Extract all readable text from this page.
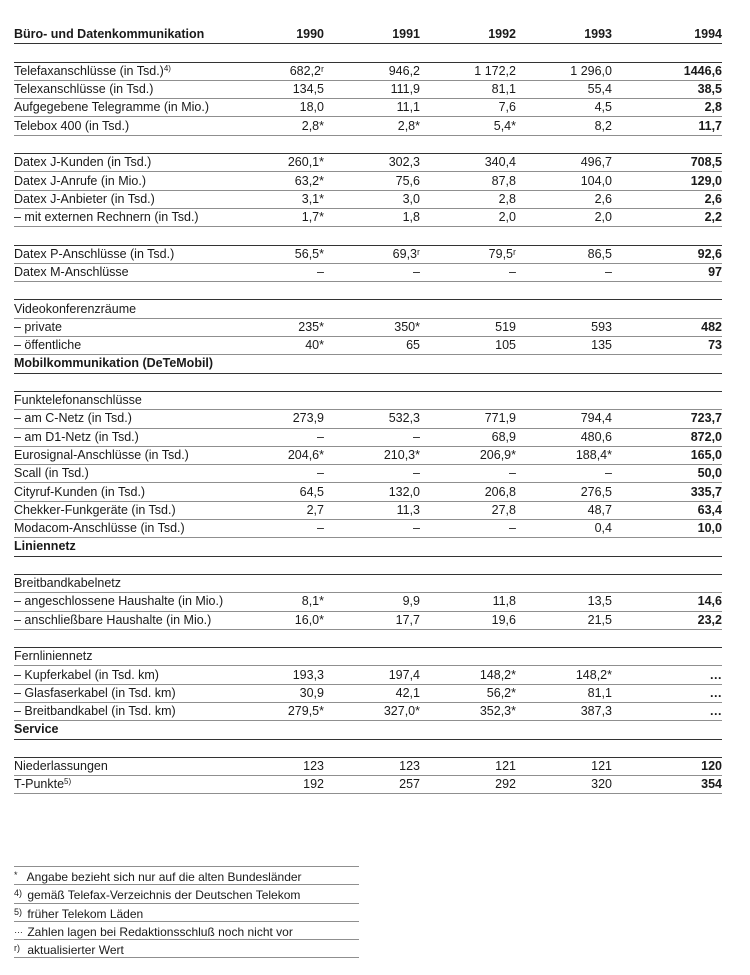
Büro- und Datenkommunikation	1990	1991	1992	1993	1994

Telefaxanschlüsse (in Tsd.)$^{4)}$	682,2ʳ	946,2	1 172,2	1 296,0	1446,6
Telexanschlüsse (in Tsd.)	134,5	111,9	81,1	55,4	38,5
Aufgegebene Telegramme (in Mio.)	18,0	11,1	7,6	4,5	2,8
Telebox 400 (in Tsd.)	2,8*	2,8*	5,4*	8,2	11,7

Datex J-Kunden (in Tsd.)	260,1*	302,3	340,4	496,7	708,5
Datex J-Anrufe (in Mio.)	63,2*	75,6	87,8	104,0	129,0
Datex J-Anbieter (in Tsd.)	3,1*	3,0	2,8	2,6	2,6
– mit externen Rechnern (in Tsd.)	1,7*	1,8	2,0	2,0	2,2

Datex P-Anschlüsse (in Tsd.)	56,5*	69,3ʳ	79,5ʳ	86,5	92,6
Datex M-Anschlüsse	–	–	–	–	97

Videokonferenzräume					
– private	235*	350*	519	593	482
– öffentliche	40*	65	105	135	73
Mobilkommunikation (DeTeMobil)					

Funktelefonanschlüsse					
– am C-Netz (in Tsd.)	273,9	532,3	771,9	794,4	723,7
– am D1-Netz (in Tsd.)	–	–	68,9	480,6	872,0
Eurosignal-Anschlüsse (in Tsd.)	204,6*	210,3*	206,9*	188,4*	165,0
Scall (in Tsd.)	–	–	–	–	50,0
Cityruf-Kunden (in Tsd.)	64,5	132,0	206,8	276,5	335,7
Chekker-Funkgeräte (in Tsd.)	2,7	11,3	27,8	48,7	63,4
Modacom-Anschlüsse (in Tsd.)	–	–	–	0,4	10,0
Liniennetz					

Breitbandkabelnetz					
– angeschlossene Haushalte (in Mio.)	8,1*	9,9	11,8	13,5	14,6
– anschließbare Haushalte (in Mio.)	16,0*	17,7	19,6	21,5	23,2

Fernliniennetz					
– Kupferkabel (in Tsd. km)	193,3	197,4	148,2*	148,2*	…
– Glasfaserkabel (in Tsd. km)	30,9	42,1	56,2*	81,1	…
– Breitbandkabel (in Tsd. km)	279,5*	327,0*	352,3*	387,3	…
Service					

Niederlassungen	123	123	121	121	120
T-Punkte$^{5)}$	192	257	292	320	354
* Angabe bezieht sich nur auf die alten Bundesländer
4) gemäß Telefax-Verzeichnis der Deutschen Telekom
5) früher Telekom Läden
… Zahlen lagen bei Redaktionsschluß noch nicht vor
r) aktualisierter Wert
